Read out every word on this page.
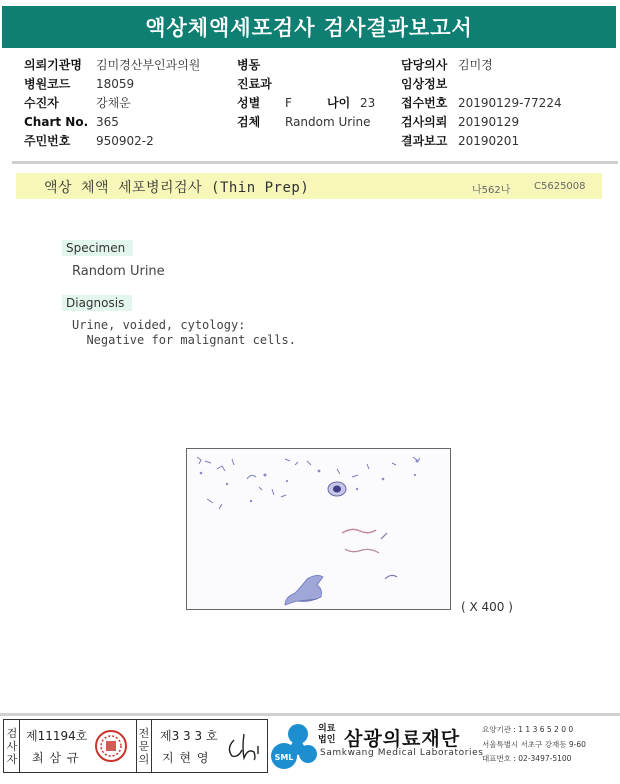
액상체액세포검사 검사결과보고서
의뢰기관명 김미경산부인과의원
병원코드 18059
수진자	강채운
Chart No. 365
주민번호 950902-2
병동
진료과
성별 F	나이 23
검체 Random Urine
담당의사 김미경
임상정보
접수번호 20190129-77224
검사의뢰 20190129
결과보고 20190201
액상 체액 세포병리검사 (Thin Prep)	나562나 C5625008
Specimen
Random Urine
Diagnosis
Urine, voided, cytology:
Negative for malignant cells.
( X 400 )
검
사
자
제11194호
최 삼 규
전
문
의
제3 3 3 호
지 현 영	SML
의료
법인 삼광의료재단
Samkwang Medical Laboratories
요양기관 : 1 1 3 6 5 2 0 0
서울특별시 서초구 강재동 9-60
대표번호 : 02-3497-5100
